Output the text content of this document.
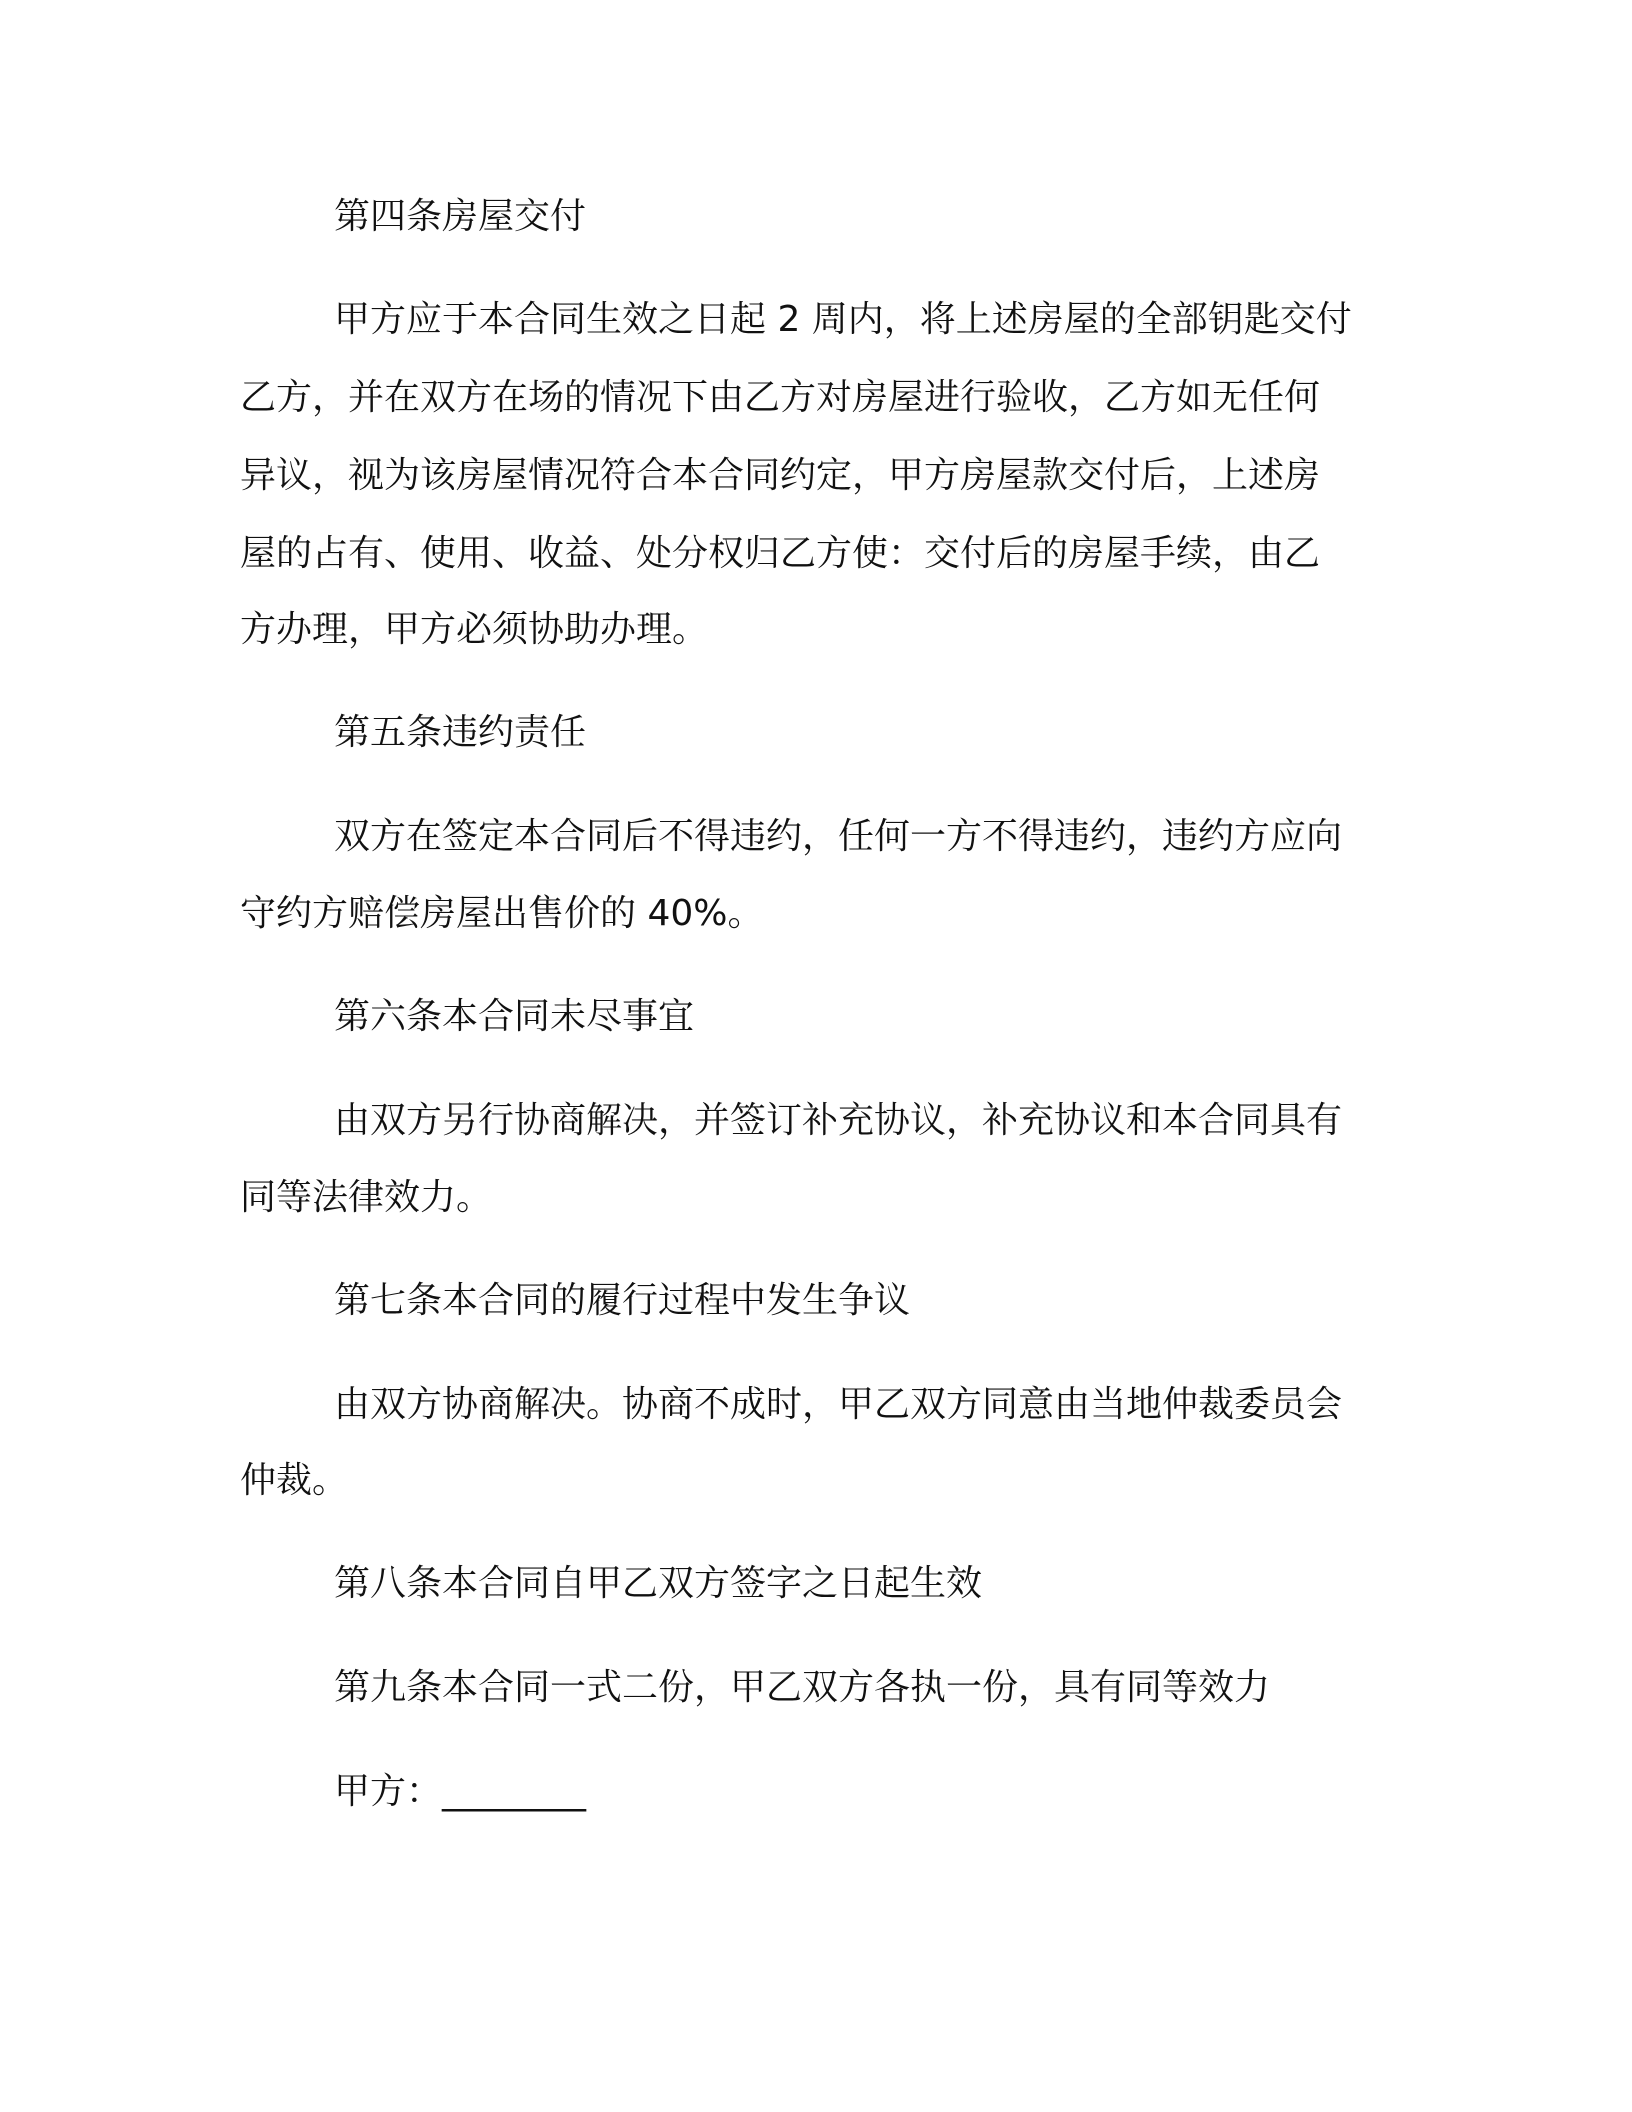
第四条房屋交付

甲方应于本合同生效之日起 2 周内，将上述房屋的全部钥匙交付

乙方，并在双方在场的情况下由乙方对房屋进行验收，乙方如无任何

异议，视为该房屋情况符合本合同约定，甲方房屋款交付后，上述房

屋的占有、使用、收益、处分权归乙方使：交付后的房屋手续，由乙

方办理，甲方必须协助办理。

第五条违约责任

双方在签定本合同后不得违约，任何一方不得违约，违约方应向

守约方赔偿房屋出售价的 40%。

第六条本合同未尽事宜

由双方另行协商解决，并签订补充协议，补充协议和本合同具有

同等法律效力。

第七条本合同的履行过程中发生争议

由双方协商解决。协商不成时，甲乙双方同意由当地仲裁委员会

仲裁。

第八条本合同自甲乙双方签字之日起生效

第九条本合同一式二份，甲乙双方各执一份，具有同等效力

甲方：________
